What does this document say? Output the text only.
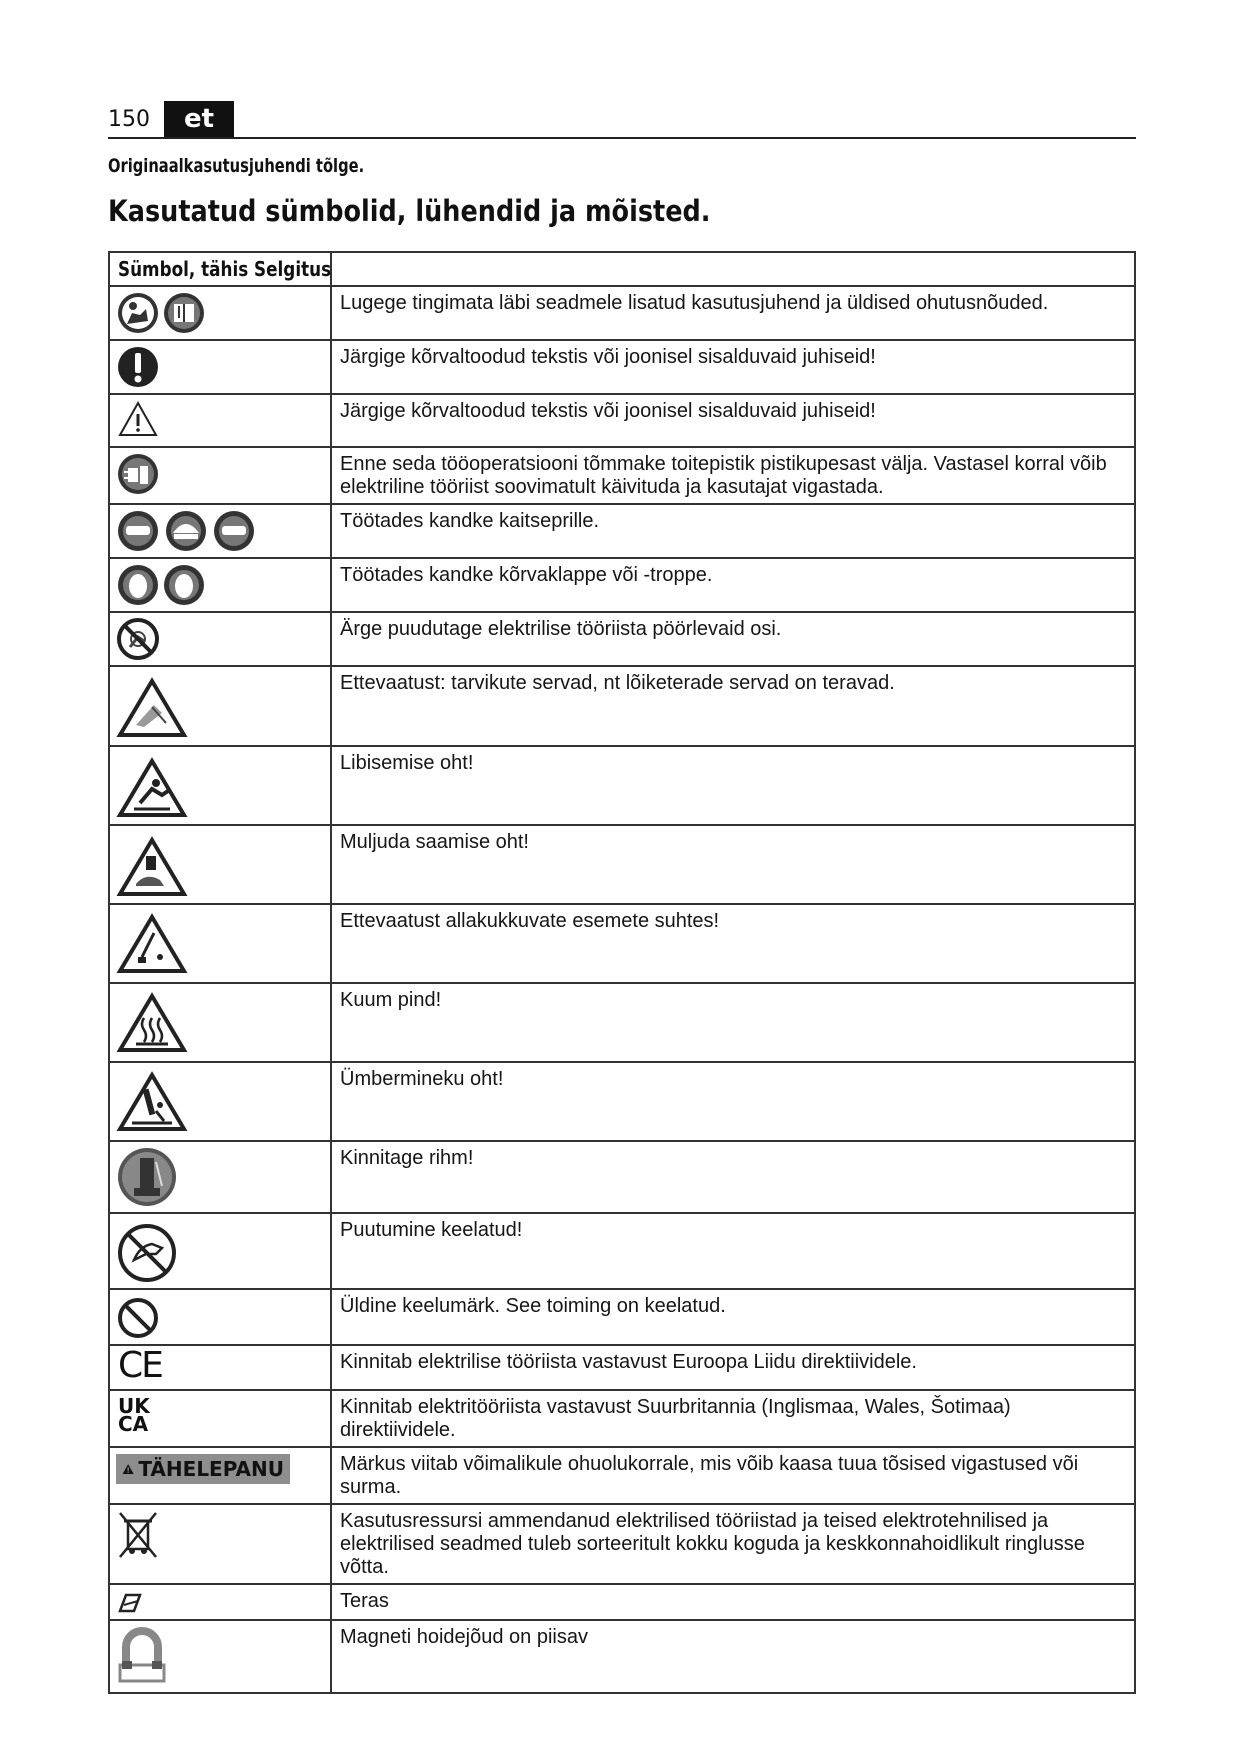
150	et
Originaalkasutusjuhendi tõlge.
Kasutatud sümbolid, lühendid ja mõisted.
Sümbol, tähis Selgitus	

	Lugege tingimata läbi seadmele lisatud kasutusjuhend ja üldised ohutusnõuded.

	Järgige kõrvaltoodud tekstis või joonisel sisalduvaid juhiseid!

	Järgige kõrvaltoodud tekstis või joonisel sisalduvaid juhiseid!

	Enne seda tööoperatsiooni tõmmake toitepistik pistikupesast välja. Vastasel korral võib elektriline tööriist soovimatult käivituda ja kasutajat vigastada.

	Töötades kandke kaitseprille.

	Töötades kandke kõrvaklappe või -troppe.

	Ärge puudutage elektrilise tööriista pöörlevaid osi.

	Ettevaatust: tarvikute servad, nt lõiketerade servad on teravad.

	Libisemise oht!

	Muljuda saamise oht!

	Ettevaatust allakukkuvate esemete suhtes!

	Kuum pind!

	Ümbermineku oht!

	Kinnitage rihm!

	Puutumine keelatud!

	Üldine keelumärk. See toiming on keelatud.

CE	Kinnitab elektrilise tööriista vastavust Euroopa Liidu direktiividele.

UK
CA	Kinnitab elektritööriista vastavust Suurbritannia (Inglismaa, Wales, Šotimaa) direktiividele.

TÄHELEPANU	Märkus viitab võimalikule ohuolukorrale, mis võib kaasa tuua tõsised vigastused või surma.

	Kasutusressursi ammendanud elektrilised tööriistad ja teised elektrotehnilised ja elektrilised seadmed tuleb sorteeritult kokku koguda ja keskkonnahoidlikult ringlusse võtta.

	Teras

	Magneti hoidejõud on piisav
